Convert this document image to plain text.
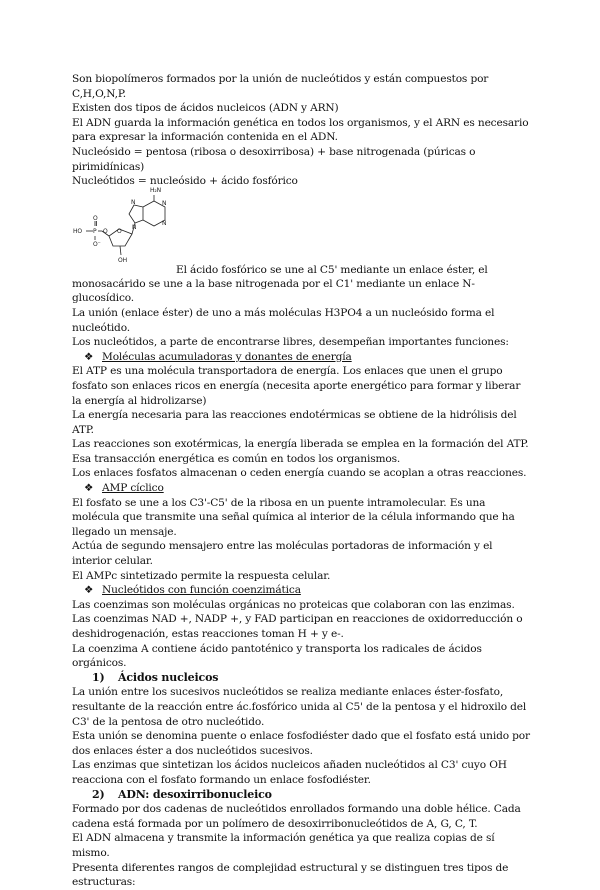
Son biopolímeros formados por la unión de nucleótidos y están compuestos por C,H,O,N,P.

Existen dos tipos de ácidos nucleicos (ADN y ARN)

El ADN guarda la información genética en todos los organismos, y el ARN es necesario para expresar la información contenida en el ADN.

Nucleósido = pentosa (ribosa o desoxirribosa) + base nitrogenada (púricas o pirimidínicas)

Nucleótidos = nucleósido + ácido fosfórico

H₂N
N
N
N
N
O
P
O
O⁻
HO	O
OH
El ácido fosfórico se une al C5' mediante un enlace éster, el

monosacárido se une a la base nitrogenada por el C1' mediante un enlace N-glucosídico.

La unión (enlace éster) de uno a más moléculas H3PO4 a un nucleósido forma el nucleótido.

Los nucleótidos, a parte de encontrarse libres, desempeñan importantes funciones:

❖ Moléculas acumuladoras y donantes de energía

El ATP es una molécula transportadora de energía. Los enlaces que unen el grupo fosfato son enlaces ricos en energía (necesita aporte energético para formar y liberar la energía al hidrolizarse)

La energía necesaria para las reacciones endotérmicas se obtiene de la hidrólisis del ATP.

Las reacciones son exotérmicas, la energía liberada se emplea en la formación del ATP.

Esa transacción energética es común en todos los organismos.

Los enlaces fosfatos almacenan o ceden energía cuando se acoplan a otras reacciones.

❖ AMP cíclico

El fosfato se une a los C3'-C5' de la ribosa en un puente intramolecular. Es una molécula que transmite una señal química al interior de la célula informando que ha llegado un mensaje.

Actúa de segundo mensajero entre las moléculas portadoras de información y el interior celular.

El AMPc sintetizado permite la respuesta celular.

❖ Nucleótidos con función coenzimática

Las coenzimas son moléculas orgánicas no proteicas que colaboran con las enzimas.

Las coenzimas NAD +, NADP +, y FAD participan en reacciones de oxidorreducción o deshidrogenación, estas reacciones toman H + y e-.

La coenzima A contiene ácido pantoténico y transporta los radicales de ácidos orgánicos.

1) Ácidos nucleicos

La unión entre los sucesivos nucleótidos se realiza mediante enlaces éster-fosfato, resultante de la reacción entre ác.fosfórico unida al C5' de la pentosa y el hidroxilo del C3' de la pentosa de otro nucleótido.

Esta unión se denomina puente o enlace fosfodiéster dado que el fosfato está unido por dos enlaces éster a dos nucleótidos sucesivos.

Las enzimas que sintetizan los ácidos nucleicos añaden nucleótidos al C3' cuyo OH reacciona con el fosfato formando un enlace fosfodiéster.

2) ADN: desoxirribonucleico

Formado por dos cadenas de nucleótidos enrollados formando una doble hélice. Cada cadena está formada por un polímero de desoxirribonucleótidos de A, G, C, T.

El ADN almacena y transmite la información genética ya que realiza copias de sí mismo.

Presenta diferentes rangos de complejidad estructural y se distinguen tres tipos de estructuras:
